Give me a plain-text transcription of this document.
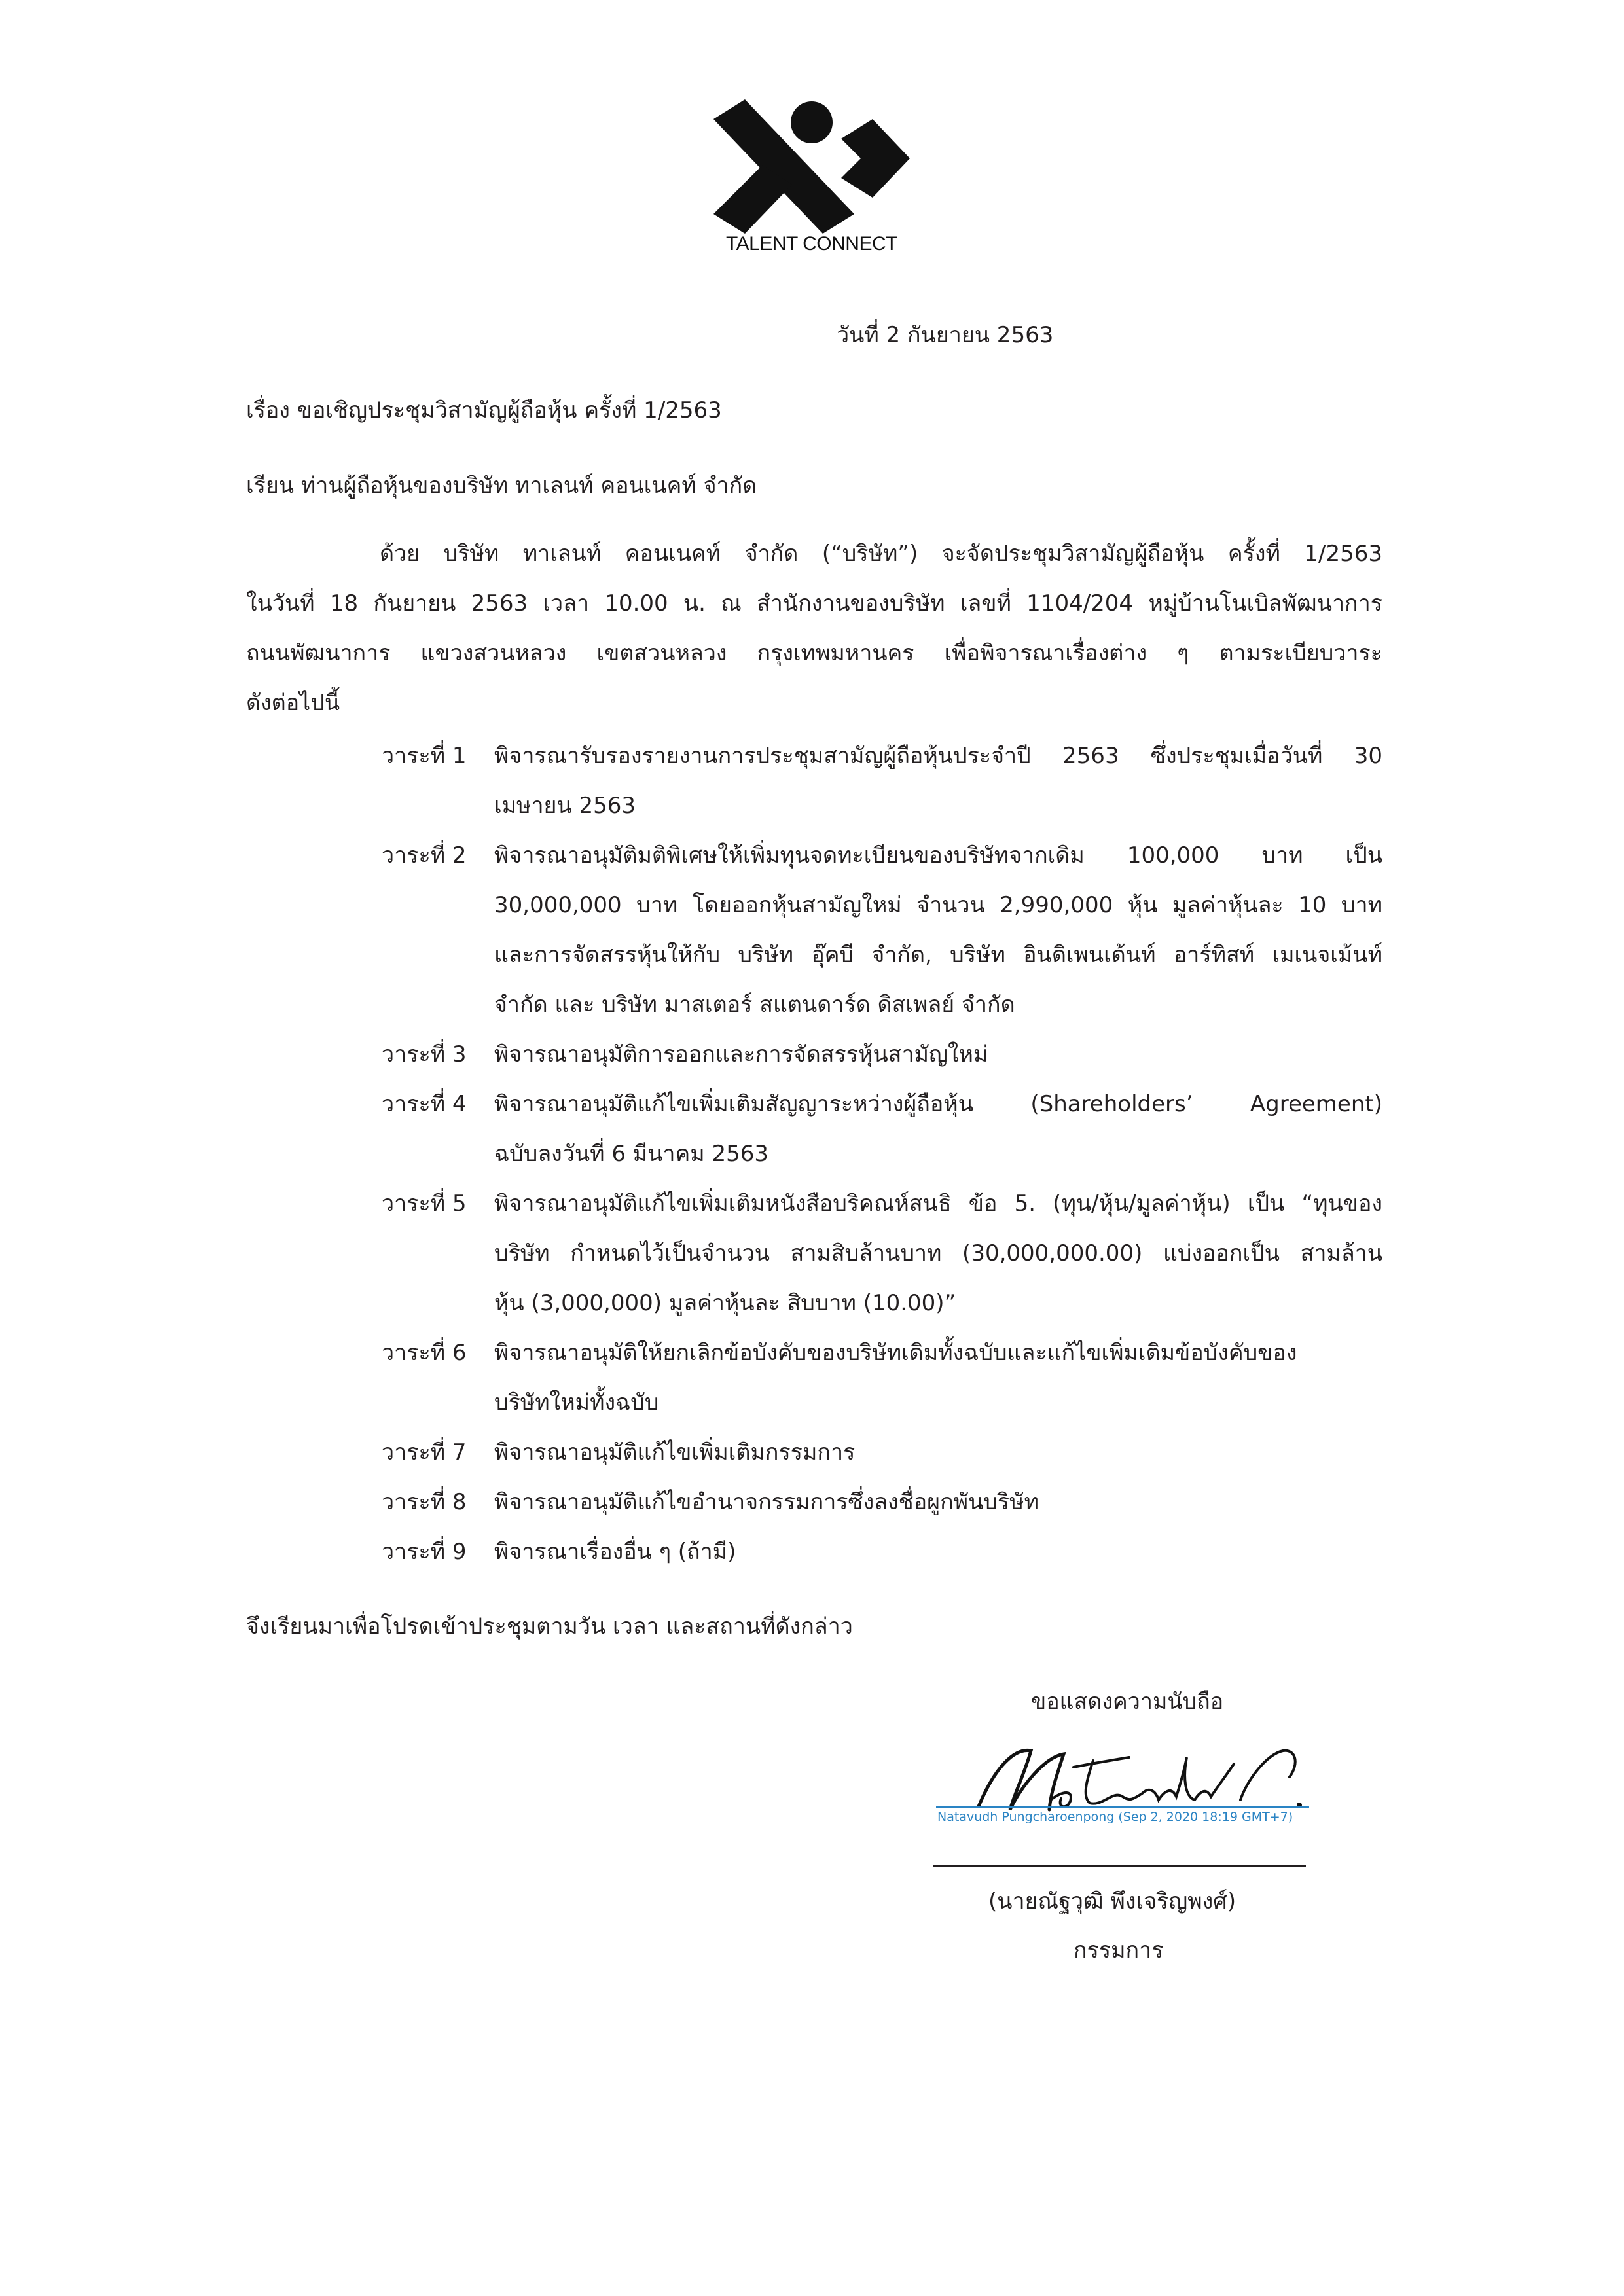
TALENT CONNECT
วันที่ 2 กันยายน 2563
เรื่อง ขอเชิญประชุมวิสามัญผู้ถือหุ้น ครั้งที่ 1/2563
เรียน ท่านผู้ถือหุ้นของบริษัท ทาเลนท์ คอนเนคท์ จำกัด
ด้วย บริษัท ทาเลนท์ คอนเนคท์ จำกัด (“บริษัท”) จะจัดประชุมวิสามัญผู้ถือหุ้น ครั้งที่ 1/2563
ในวันที่ 18 กันยายน 2563 เวลา 10.00 น. ณ สำนักงานของบริษัท เลขที่ 1104/204 หมู่บ้านโนเบิลพัฒนาการ
ถนนพัฒนาการ แขวงสวนหลวง เขตสวนหลวง กรุงเทพมหานคร เพื่อพิจารณาเรื่องต่าง ๆ ตามระเบียบวาระ
ดังต่อไปนี้
วาระที่ 1 พิจารณารับรองรายงานการประชุมสามัญผู้ถือหุ้นประจำปี 2563 ซึ่งประชุมเมื่อวันที่ 30
เมษายน 2563
วาระที่ 2 พิจารณาอนุมัติมติพิเศษให้เพิ่มทุนจดทะเบียนของบริษัทจากเดิม 100,000 บาท เป็น
30,000,000 บาท โดยออกหุ้นสามัญใหม่ จำนวน 2,990,000 หุ้น มูลค่าหุ้นละ 10 บาท
และการจัดสรรหุ้นให้กับ บริษัท อุ๊คบี จำกัด, บริษัท อินดิเพนเด้นท์ อาร์ทิสท์ เมเนจเม้นท์
จำกัด และ บริษัท มาสเตอร์ สแตนดาร์ด ดิสเพลย์ จำกัด
วาระที่ 3 พิจารณาอนุมัติการออกและการจัดสรรหุ้นสามัญใหม่
วาระที่ 4 พิจารณาอนุมัติแก้ไขเพิ่มเติมสัญญาระหว่างผู้ถือหุ้น (Shareholders’ Agreement)
ฉบับลงวันที่ 6 มีนาคม 2563
วาระที่ 5 พิจารณาอนุมัติแก้ไขเพิ่มเติมหนังสือบริคณห์สนธิ ข้อ 5. (ทุน/หุ้น/มูลค่าหุ้น) เป็น “ทุนของ
บริษัท กำหนดไว้เป็นจำนวน สามสิบล้านบาท (30,000,000.00) แบ่งออกเป็น สามล้าน
หุ้น (3,000,000) มูลค่าหุ้นละ สิบบาท (10.00)”
วาระที่ 6 พิจารณาอนุมัติให้ยกเลิกข้อบังคับของบริษัทเดิมทั้งฉบับและแก้ไขเพิ่มเติมข้อบังคับของ
บริษัทใหม่ทั้งฉบับ
วาระที่ 7 พิจารณาอนุมัติแก้ไขเพิ่มเติมกรรมการ
วาระที่ 8 พิจารณาอนุมัติแก้ไขอำนาจกรรมการซึ่งลงชื่อผูกพันบริษัท
วาระที่ 9 พิจารณาเรื่องอื่น ๆ (ถ้ามี)
จึงเรียนมาเพื่อโปรดเข้าประชุมตามวัน เวลา และสถานที่ดังกล่าว
ขอแสดงความนับถือ
Natavudh Pungcharoenpong (Sep 2, 2020 18:19 GMT+7)
(นายณัฐวุฒิ พึงเจริญพงศ์)
กรรมการ
